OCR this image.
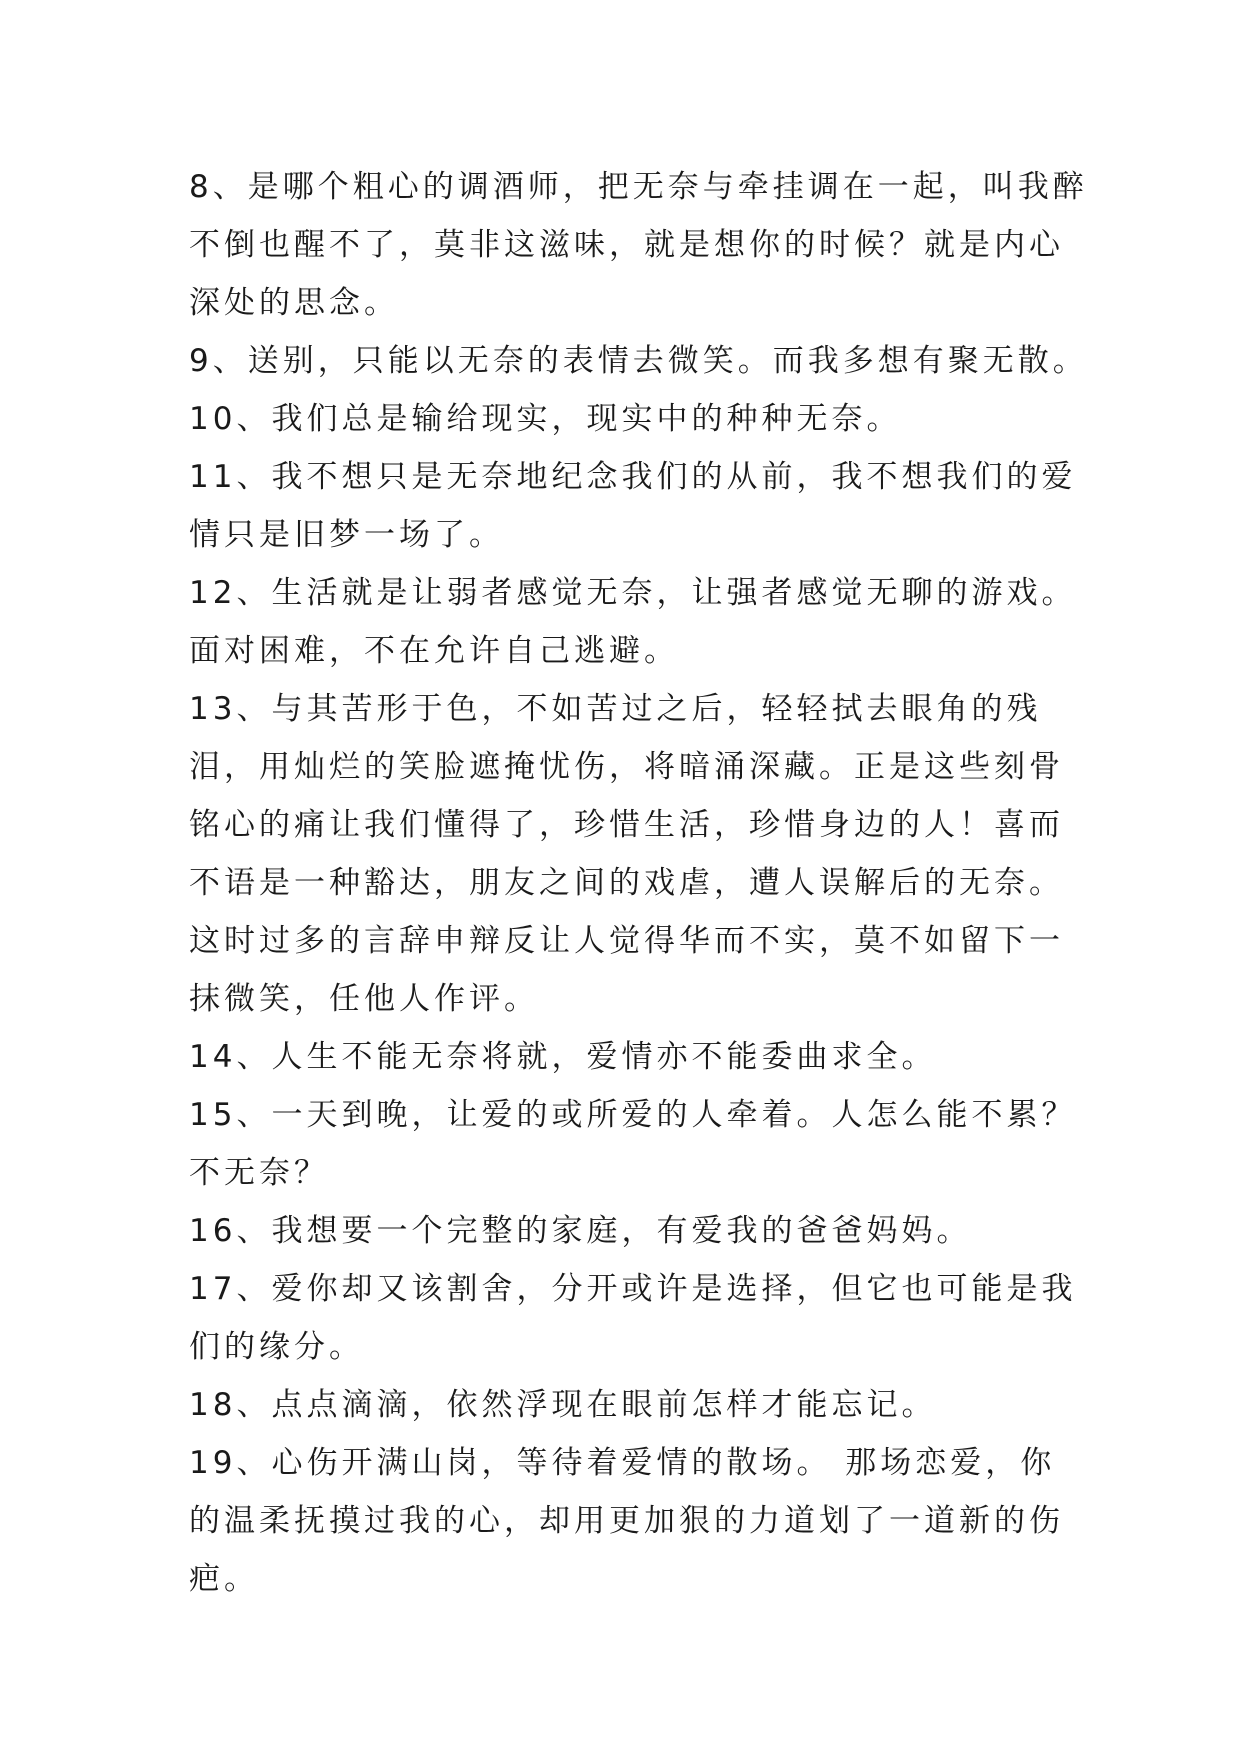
8、是哪个粗心的调酒师，把无奈与牵挂调在一起，叫我醉不倒也醒不了，莫非这滋味，就是想你的时候？就是内心深处的思念。

9、送别，只能以无奈的表情去微笑。而我多想有聚无散。

10、我们总是输给现实，现实中的种种无奈。

11、我不想只是无奈地纪念我们的从前，我不想我们的爱情只是旧梦一场了。

12、生活就是让弱者感觉无奈，让强者感觉无聊的游戏。面对困难，不在允许自己逃避。

13、与其苦形于色，不如苦过之后，轻轻拭去眼角的残泪，用灿烂的笑脸遮掩忧伤，将暗涌深藏。正是这些刻骨铭心的痛让我们懂得了，珍惜生活，珍惜身边的人！喜而不语是一种豁达，朋友之间的戏虐，遭人误解后的无奈。这时过多的言辞申辩反让人觉得华而不实，莫不如留下一抹微笑，任他人作评。

14、人生不能无奈将就，爱情亦不能委曲求全。

15、一天到晚，让爱的或所爱的人牵着。人怎么能不累？不无奈？

16、我想要一个完整的家庭，有爱我的爸爸妈妈。

17、爱你却又该割舍，分开或许是选择，但它也可能是我们的缘分。

18、点点滴滴，依然浮现在眼前怎样才能忘记。

19、心伤开满山岗，等待着爱情的散场。 那场恋爱，你的温柔抚摸过我的心，却用更加狠的力道划了一道新的伤疤。
